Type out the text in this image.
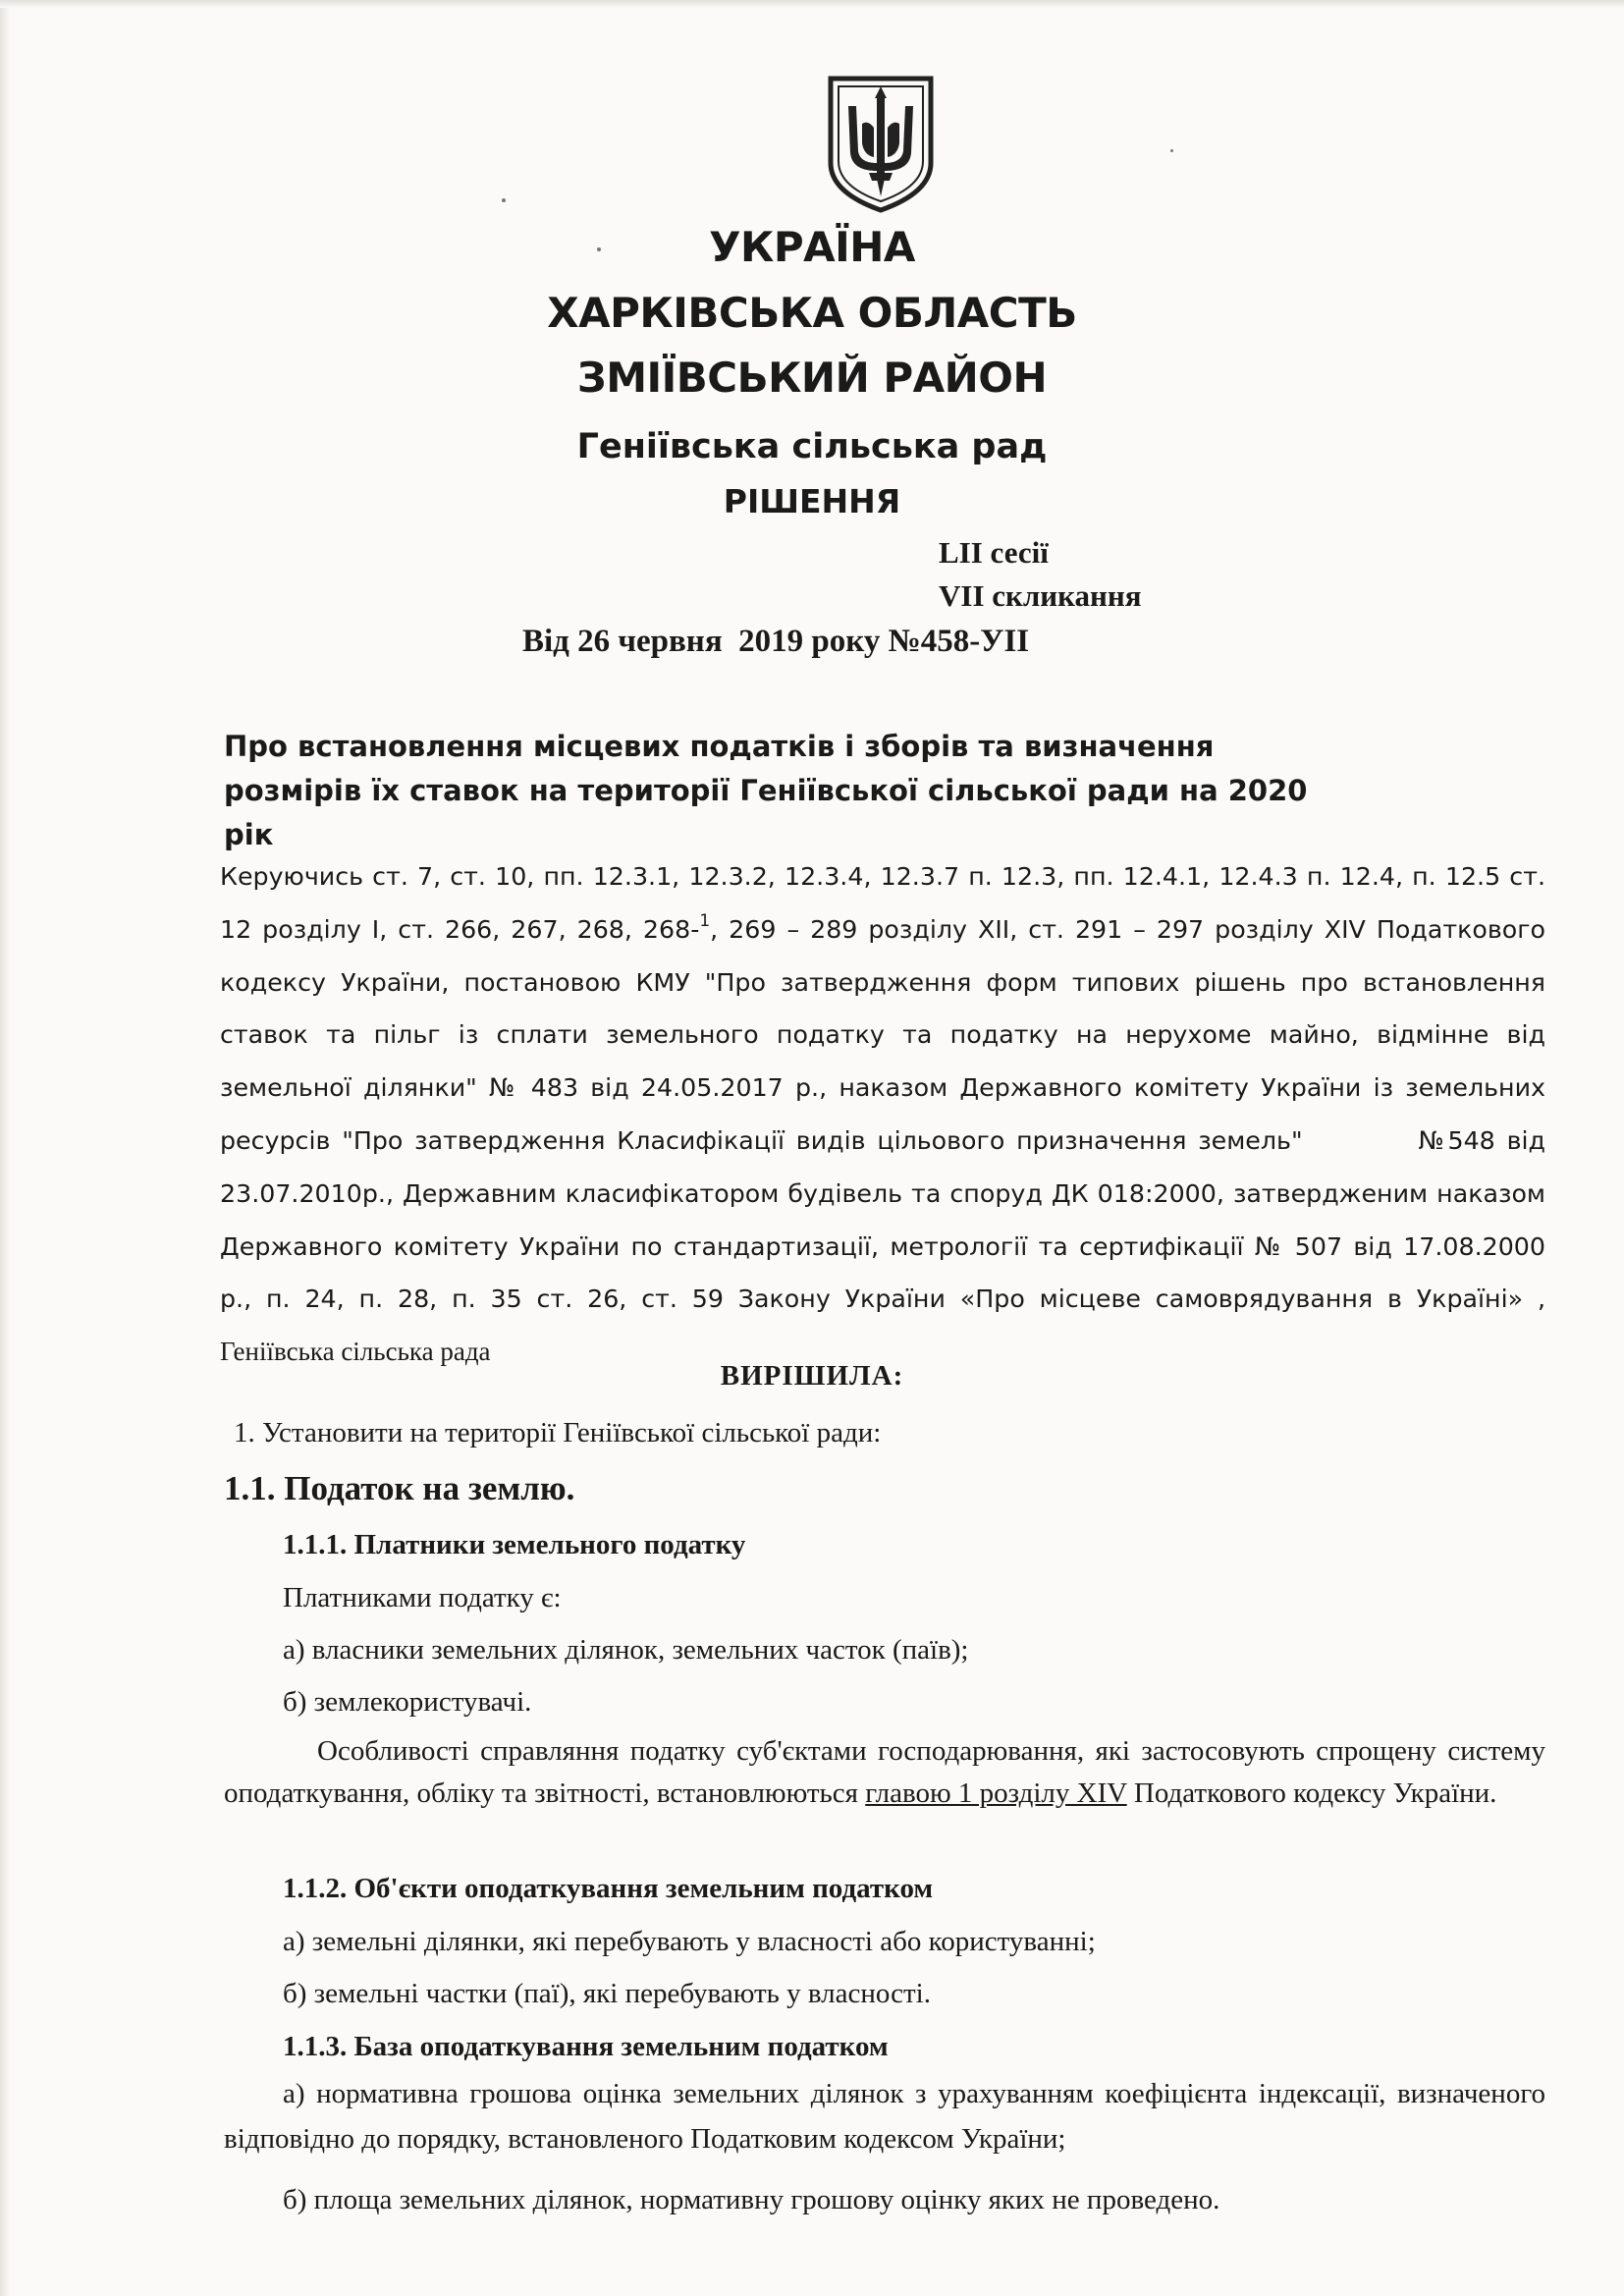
УКРАЇНА
ХАРКІВСЬКА ОБЛАСТЬ
ЗМІЇВСЬКИЙ РАЙОН
Геніївська сільська рад
РІШЕННЯ
LII сесії
VII скликання
Від 26 червня  2019 року №458-УІІ
Про встановлення місцевих податків і зборів та визначення
розмірів їх ставок на території Геніївської сільської ради на 2020 рік
Керуючись ст. 7, ст. 10, пп. 12.3.1, 12.3.2, 12.3.4, 12.3.7 п. 12.3, пп. 12.4.1, 12.4.3 п. 12.4, п. 12.5 ст. 12 розділу I, ст. 266, 267, 268, 268-$^1$, 269 – 289 розділу XII, ст. 291 – 297 розділу XIV Податкового кодексу України, постановою КМУ "Про затвердження форм типових рішень про встановлення ставок та пільг із сплати земельного податку та податку на нерухоме майно, відмінне від земельної ділянки" № 483 від 24.05.2017 р., наказом Державного комітету України із земельних ресурсів "Про затвердження Класифікації видів цільового призначення земель"          №548 від 23.07.2010р., Державним класифікатором будівель та споруд ДК 018:2000, затвердженим наказом Державного комітету України по стандартизації, метрології та сертифікації № 507 від 17.08.2000 р., п. 24, п. 28, п. 35 ст. 26, ст. 59 Закону України «Про місцеве самоврядування в Україні» , Геніївська сільська рада
ВИРІШИЛА:
1. Установити на території Геніївської сільської ради:
1.1. Податок на землю.
1.1.1. Платники земельного податку
Платниками податку є:
а) власники земельних ділянок, земельних часток (паїв);
б) землекористувачі.
Особливості справляння податку суб'єктами господарювання, які застосовують спрощену систему оподаткування, обліку та звітності, встановлюються главою 1 розділу XIV Податкового кодексу України.
1.1.2. Об'єкти оподаткування земельним податком
а) земельні ділянки, які перебувають у власності або користуванні;
б) земельні частки (паї), які перебувають у власності.
1.1.3. База оподаткування земельним податком
а) нормативна грошова оцінка земельних ділянок з урахуванням коефіцієнта індексації, визначеного відповідно до порядку, встановленого Податковим кодексом України;
б) площа земельних ділянок, нормативну грошову оцінку яких не проведено.
